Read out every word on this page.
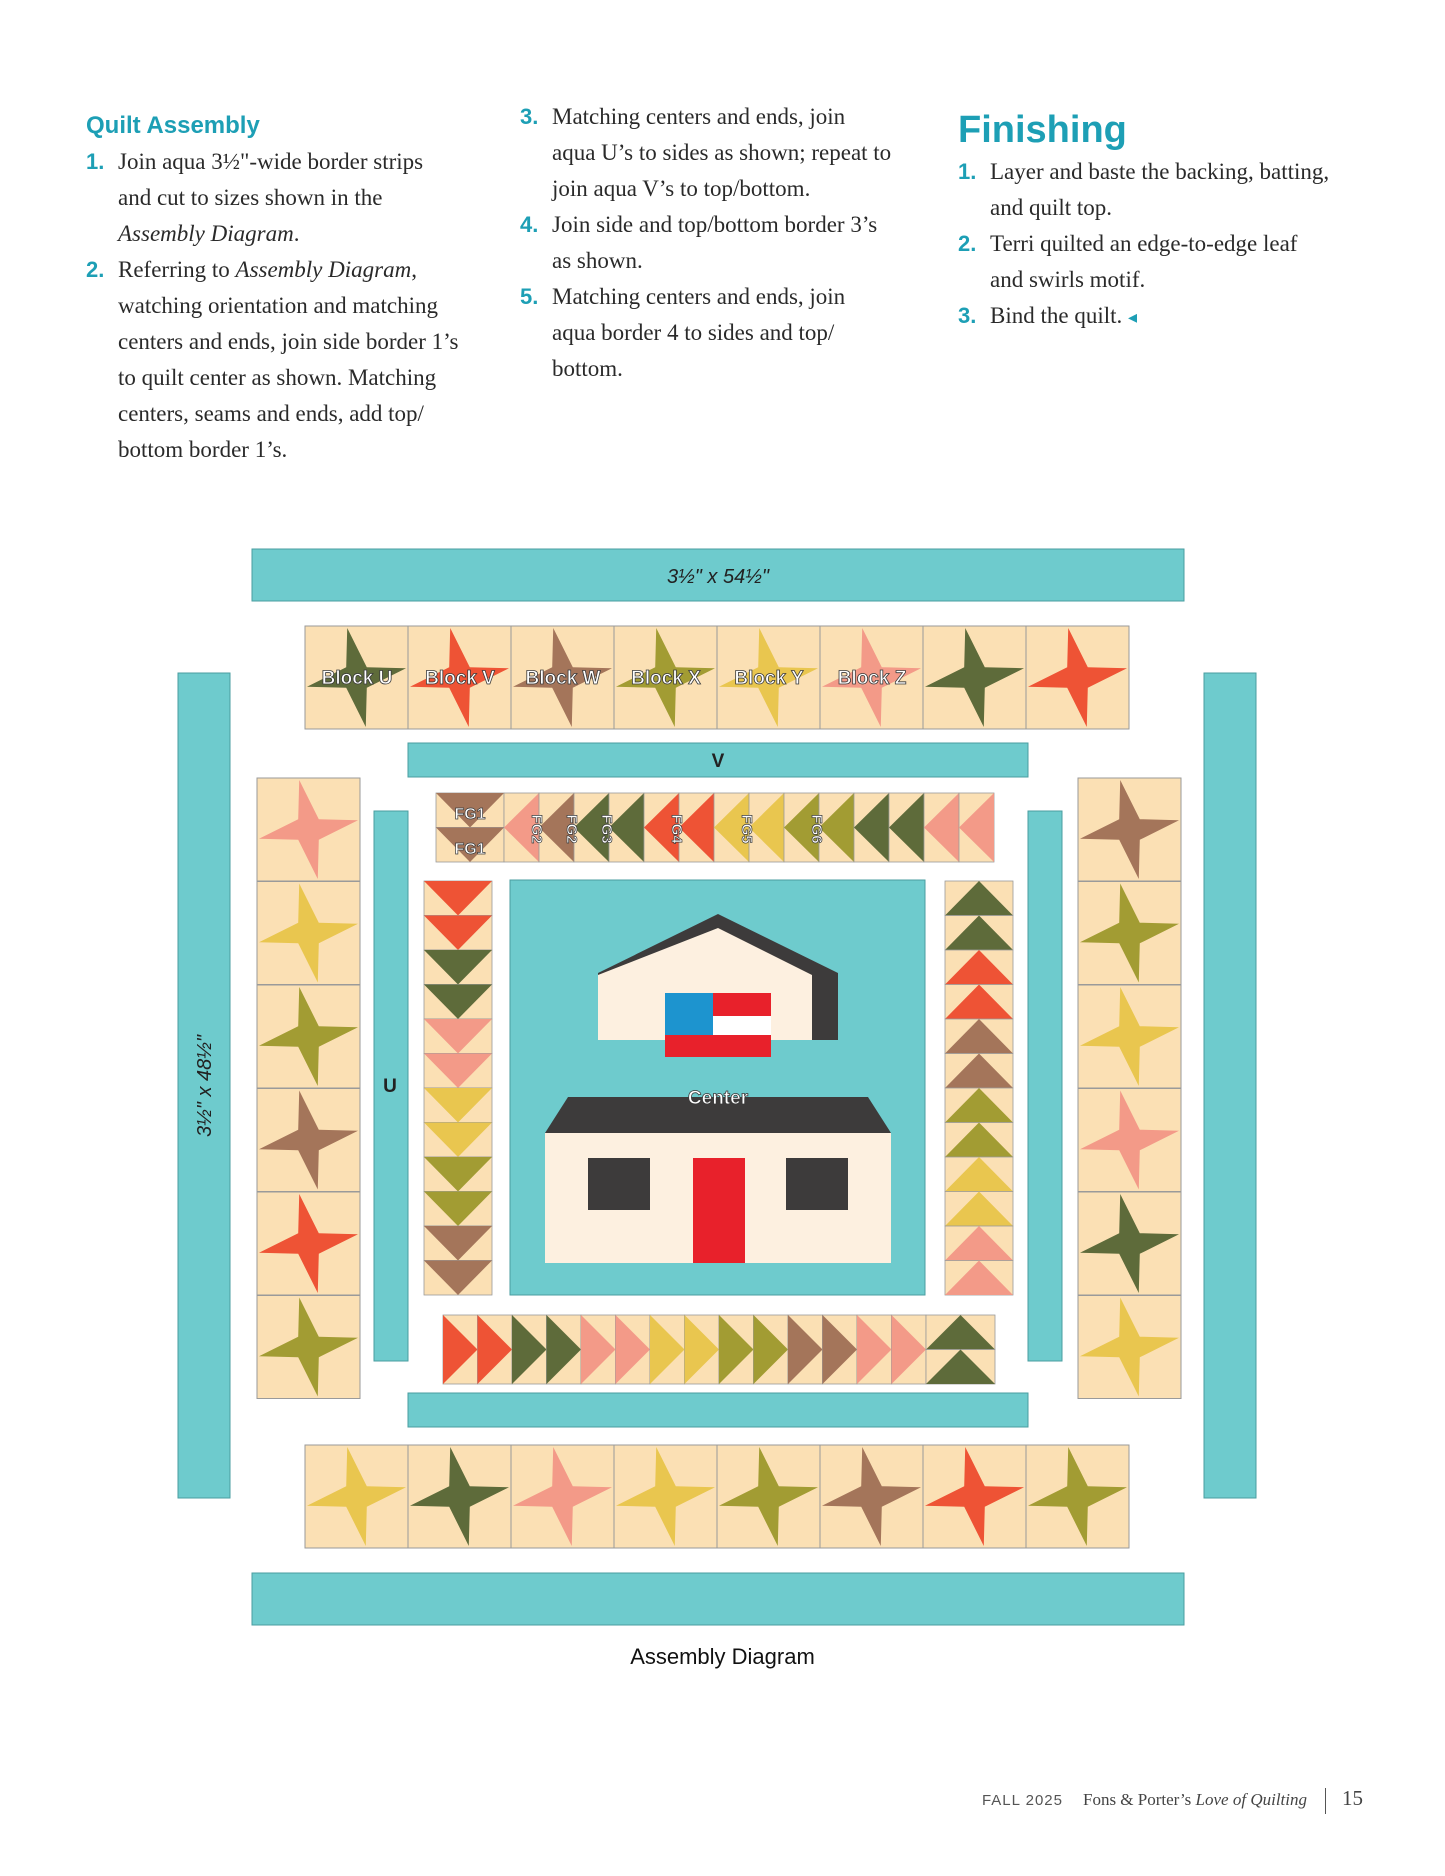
Quilt Assembly
1. Join aqua 3½"-wide border strips
and cut to sizes shown in the
Assembly Diagram.
2. Referring to Assembly Diagram,
watching orientation and matching
centers and ends, join side border 1’s
to quilt center as shown. Matching
centers, seams and ends, add top/
bottom border 1’s.
3. Matching centers and ends, join
aqua U’s to sides as shown; repeat to
join aqua V’s to top/bottom.
4. Join side and top/bottom border 3’s
as shown.
5. Matching centers and ends, join
aqua border 4 to sides and top/
bottom.
Finishing
1. Layer and baste the backing, batting,
and quilt top.
2. Terri quilted an edge-to-edge leaf
and swirls motif.
3. Bind the quilt. ◂
3½" x 54½"
3½" x 48½"
V
U
Center
Block U Block V Block W Block X Block Y Block Z
FG1
FG1
FG2 FG2 FG3	FG4	FG5	FG6
Assembly Diagram
FALL 2025 Fons & Porter’s Love of Quilting 15
